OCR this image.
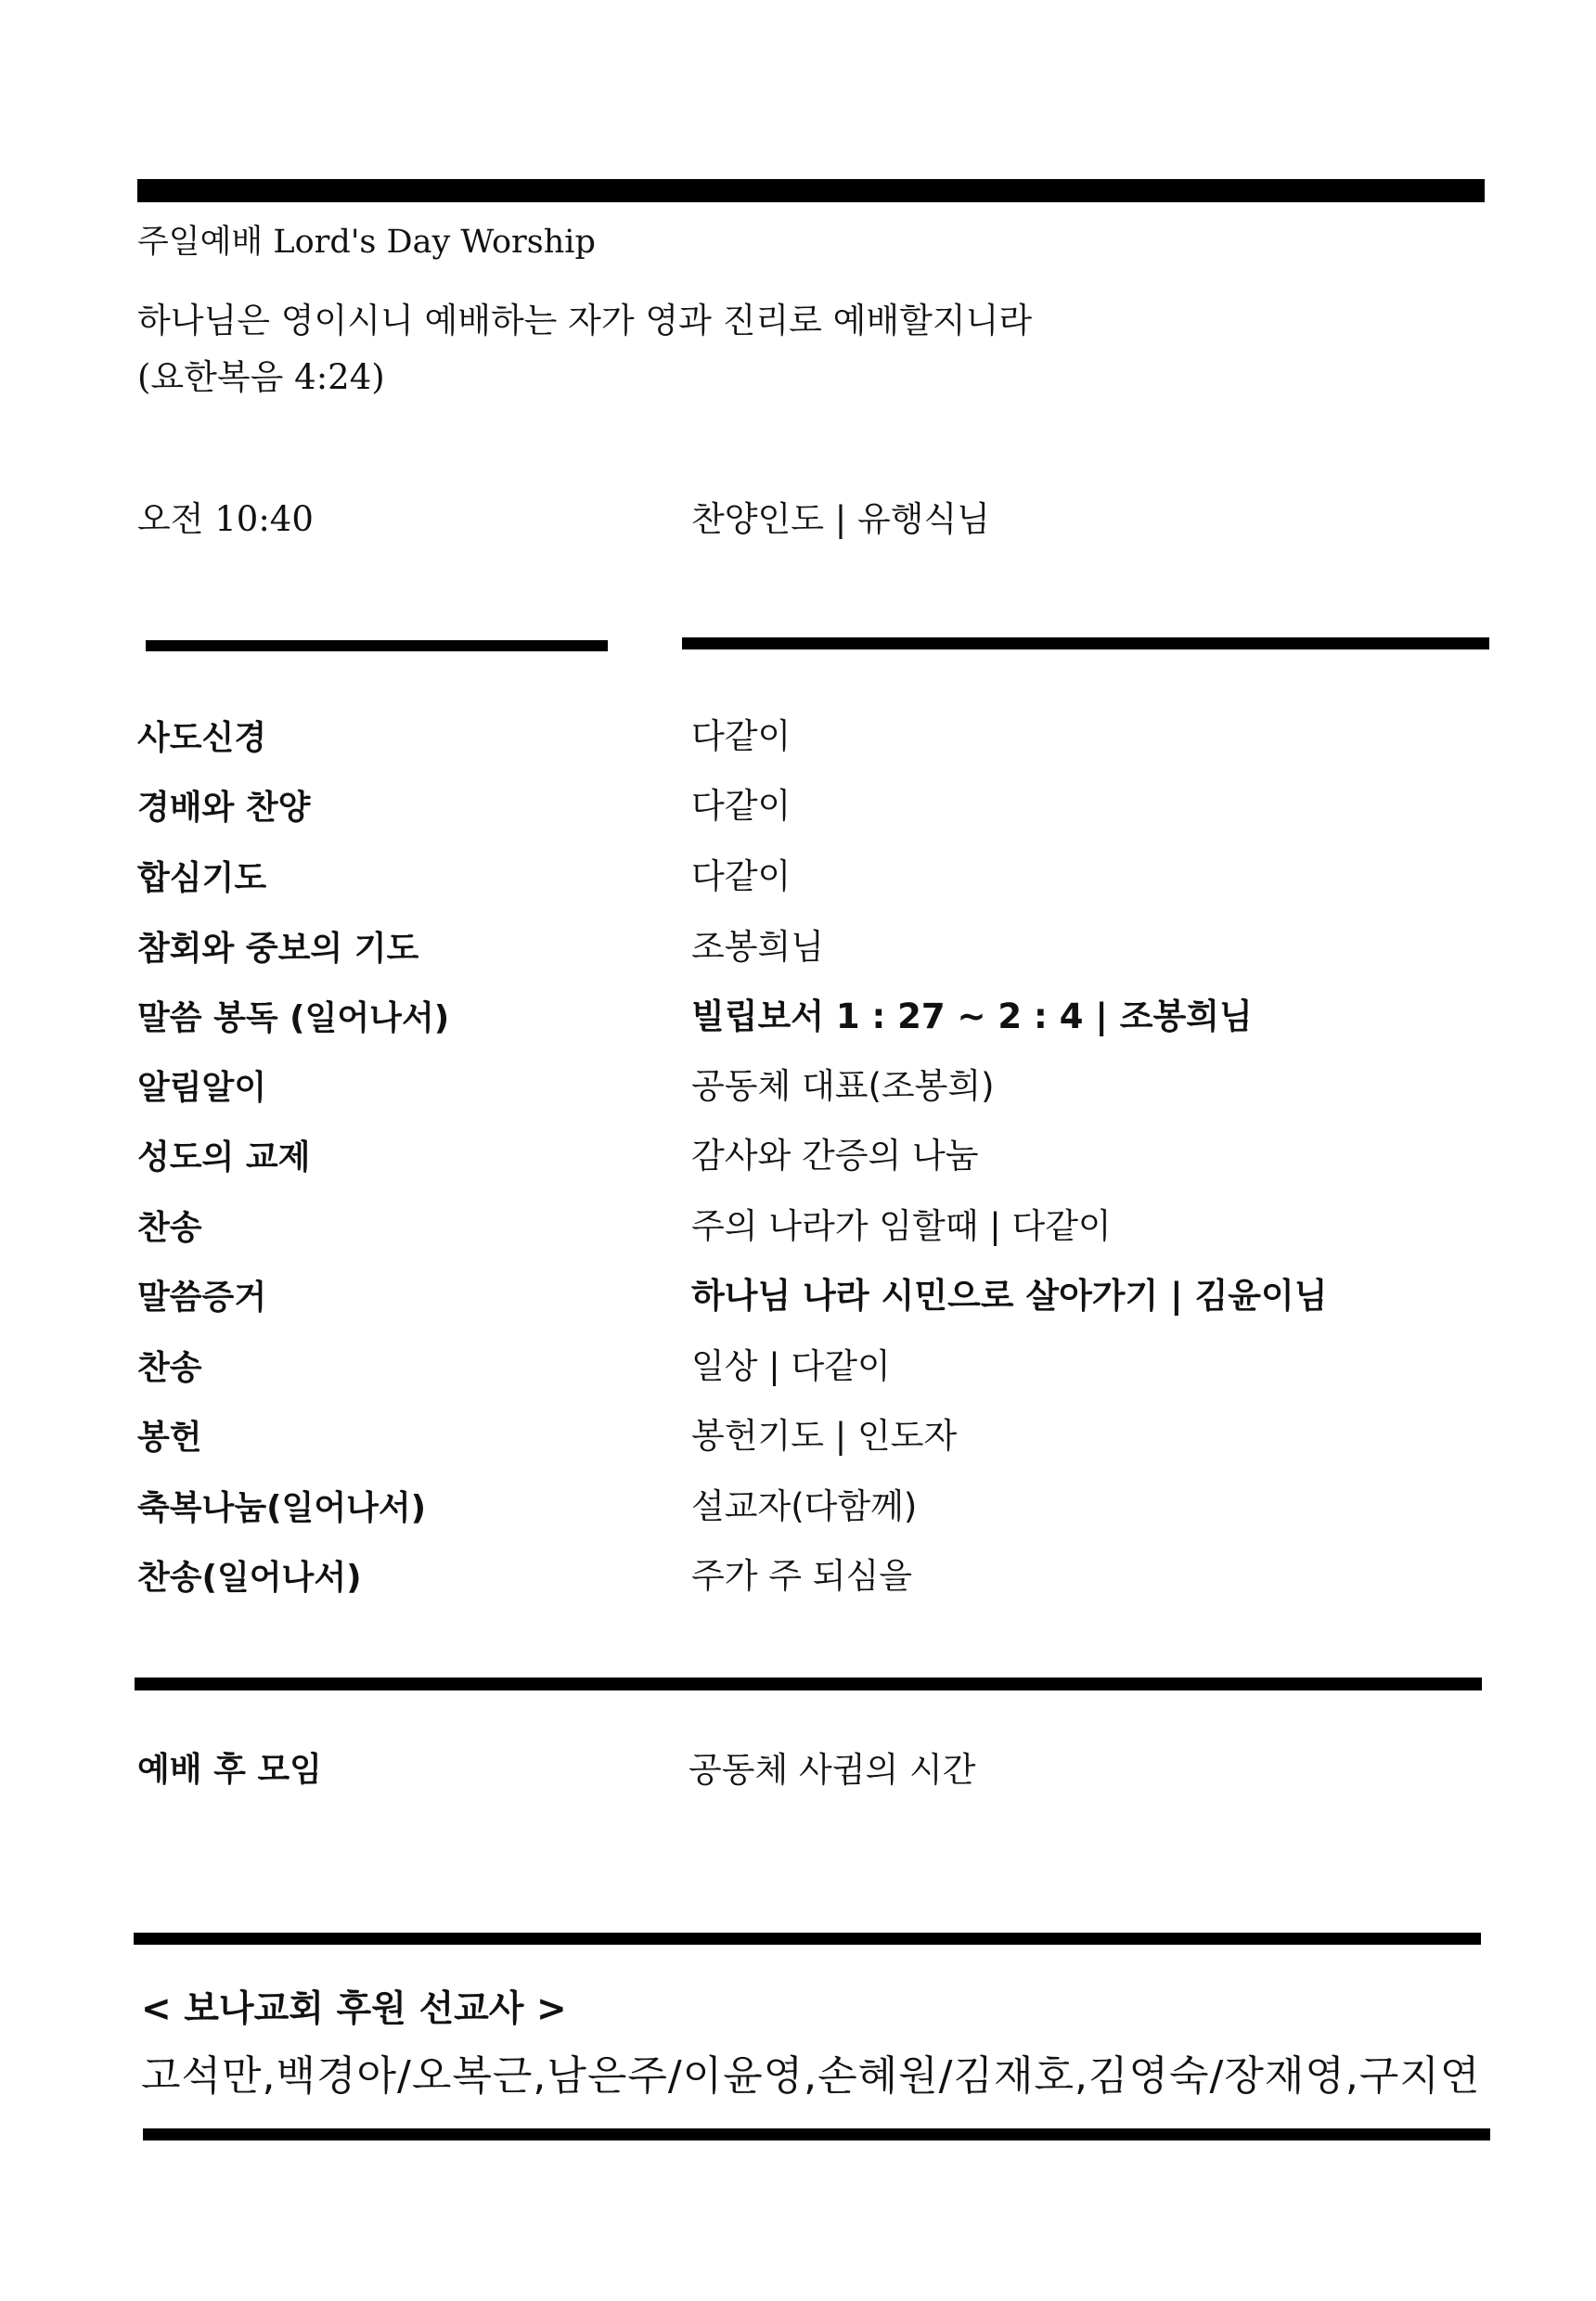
주일예배 Lord's Day Worship
하나님은 영이시니 예배하는 자가 영과 진리로 예배할지니라
(요한복음 4:24)
오전 10:40	찬양인도 | 유행식님
사도신경	다같이
경배와 찬양	다같이
합심기도	다같이
참회와 중보의 기도	조봉희님
말씀 봉독 (일어나서)	빌립보서 1 : 27 ~ 2 : 4 | 조봉희님
알림알이	공동체 대표(조봉희)
성도의 교제	감사와 간증의 나눔
찬송	주의 나라가 임할때 | 다같이
말씀증거	하나님 나라 시민으로 살아가기 | 김윤이님
찬송	일상 | 다같이
봉헌	봉헌기도 | 인도자
축복나눔(일어나서)	설교자(다함께)
찬송(일어나서)	주가 주 되심을
예배 후 모임	공동체 사귐의 시간
< 보나교회 후원 선교사 >
고석만,백경아/오복근,남은주/이윤영,손혜원/김재호,김영숙/장재영,구지연
